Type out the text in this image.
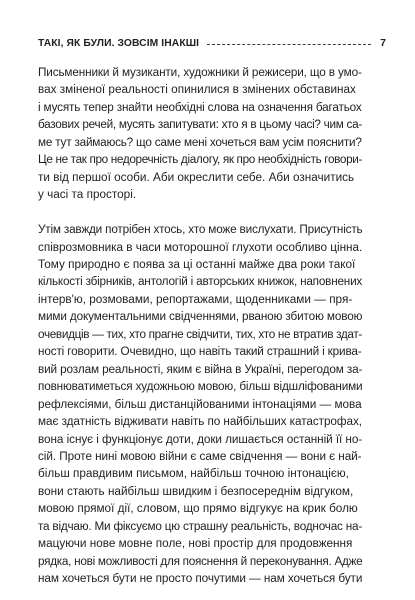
ТАКІ, ЯК БУЛИ. ЗОВСІМ ІНАКШІ	7

Письменники й музиканти, художники й режисери, що в умо-
вах зміненої реальності опинилися в змінених обставинах
і мусять тепер знайти необхідні слова на означення багатьох
базових речей, мусять запитувати: хто я в цьому часі? чим са-
ме тут займаюсь? що саме мені хочеться вам усім пояснити?
Це не так про недоречність діалогу, як про необхідність говори-
ти від першої особи. Аби окреслити себе. Аби означитись
у часі та просторі.

Утім завжди потрібен хтось, хто може вислухати. Присутність
співрозмовника в часи моторошної глухоти особливо цінна.
Тому природно є поява за ці останні майже два роки такої
кількості збірників, антологій і авторських книжок, наповнених
інтерв'ю, розмовами, репортажами, щоденниками — пря-
мими документальними свідченнями, рваною збитою мовою
очевидців — тих, хто прагне свідчити, тих, хто не втратив здат-
ності говорити. Очевидно, що навіть такий страшний і крива-
вий розлам реальності, яким є війна в Україні, перегодом за-
повнюватиметься художньою мовою, більш відшліфованими
рефлексіями, більш дистанційованими інтонаціями — мова
має здатність відживати навіть по найбільших катастрофах,
вона існує і функціонує доти, доки лишається останній її но-
сій. Проте нині мовою війни є саме свідчення — вони є най-
більш правдивим письмом, найбільш точною інтонацією,
вони стають найбільш швидким і безпосереднім відгуком,
мовою прямої дії, словом, що прямо відгукує на крик болю
та відчаю. Ми фіксуємо цю страшну реальність, водночас на-
мацуючи нове мовне поле, нові простір для продовження
рядка, нові можливості для пояснення й переконування. Адже
нам хочеться бути не просто почутими — нам хочеться бути
